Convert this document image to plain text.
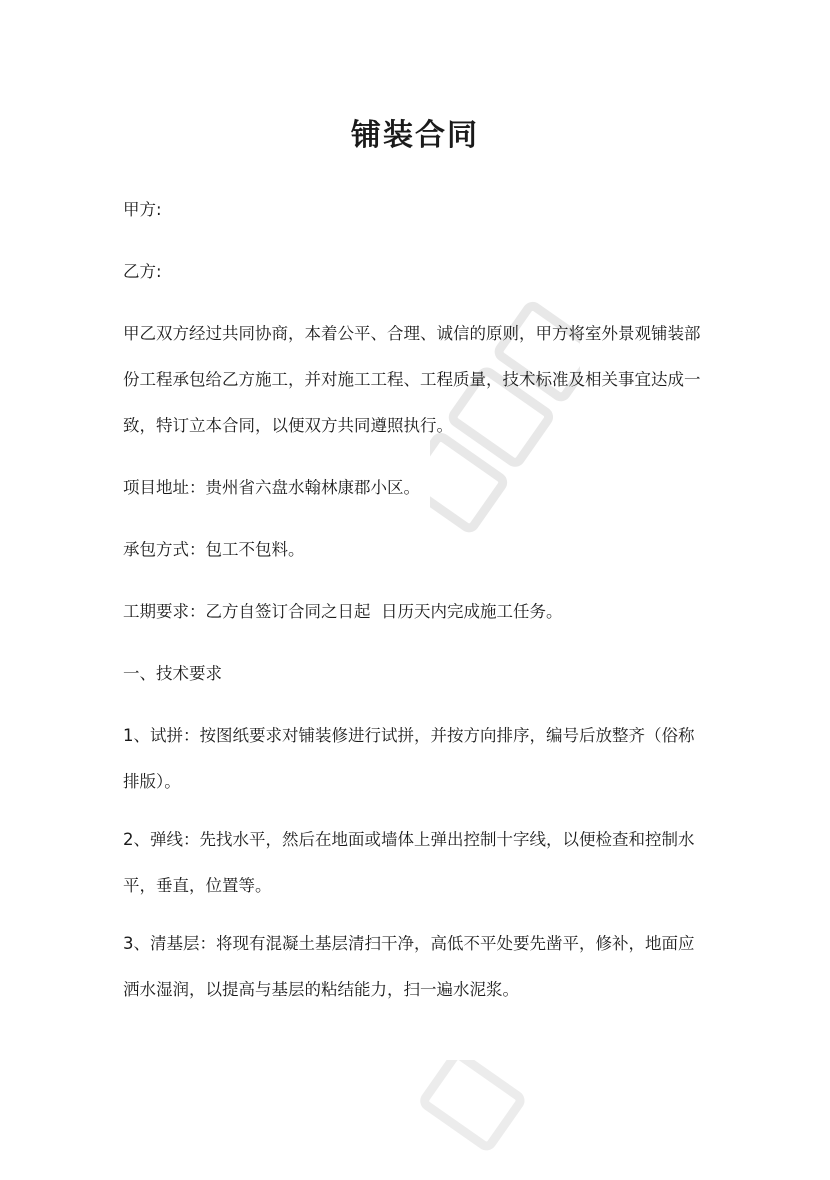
铺装合同
甲方:
乙方:
甲乙双方经过共同协商，本着公平、合理、诚信的原则，甲方将室外景观铺装部
份工程承包给乙方施工，并对施工工程、工程质量，技术标准及相关事宜达成一
致，特订立本合同，以便双方共同遵照执行。
项目地址：贵州省六盘水翰林康郡小区。
承包方式：包工不包料。
工期要求：乙方自签订合同之日起  日历天内完成施工任务。
一、技术要求
1、试拼：按图纸要求对铺装修进行试拼，并按方向排序，编号后放整齐（俗称
排版）。
2、弹线：先找水平，然后在地面或墙体上弹出控制十字线，以便检查和控制水
平，垂直，位置等。
3、清基层：将现有混凝土基层清扫干净，高低不平处要先凿平，修补，地面应
洒水湿润，以提高与基层的粘结能力，扫一遍水泥浆。
